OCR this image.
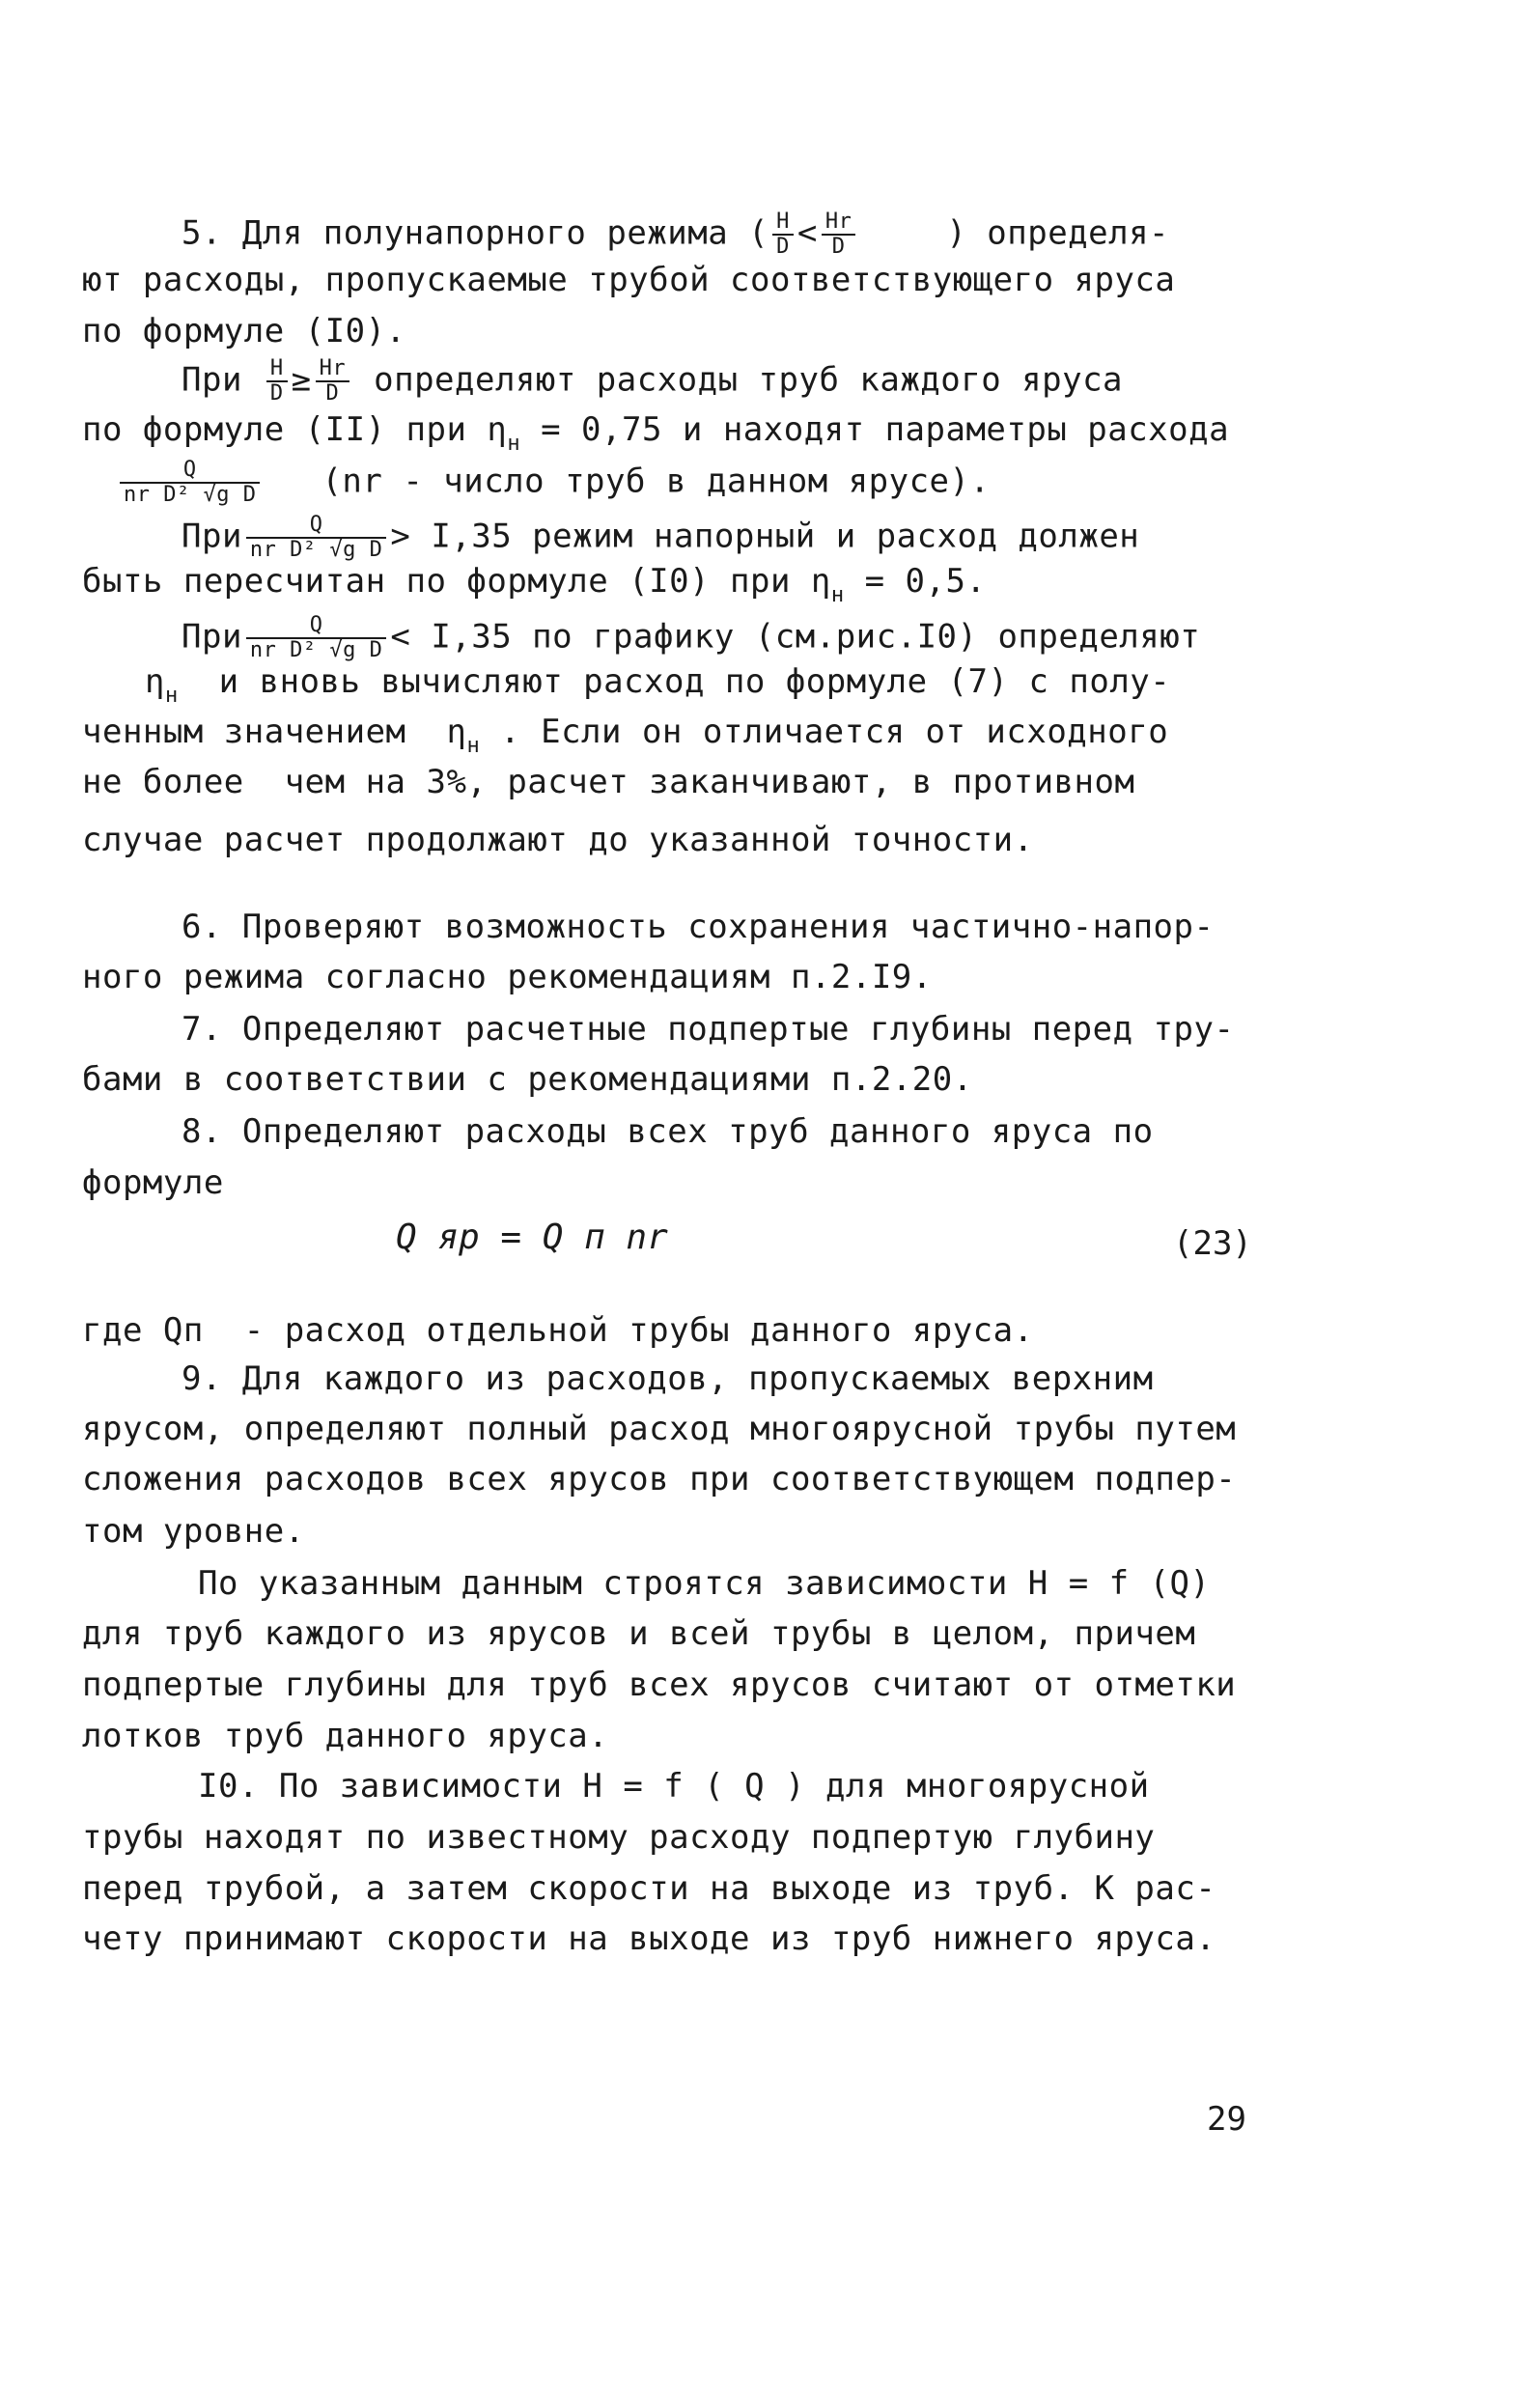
5. Для полунапорного режима ( $\frac{H}{D} < \frac{Hr}{D}$	) определя-
ют расходы, пропускаемые трубой соответствующего яруса
по формуле (I0).
При $\frac{H}{D} \ge \frac{Hr}{D}$ определяют расходы труб каждого яруса
по формуле (II) при $\eta_н = 0,75$ и находят параметры расхода
$\frac{Q}{\text{nr D² √g D}} (nr$ - число труб в данном ярусе).
При $\frac{Q}{\text{nr D² √g D}} > I,35$ режим напорный и расход должен
быть пересчитан по формуле (I0) при $\eta_н = 0,5$.
При $\frac{Q}{\text{nr D² √g D}} < I,35$ по графику (см.рис.I0) определяют
$\eta_н$  и вновь вычисляют расход по формуле (7) с полу-
ченным значением  $\eta_н$ . Если он отличается от исходного
не более  чем на 3%, расчет заканчивают, в противном
случае расчет продолжают до указанной точности.
6. Проверяют возможность сохранения частично-напор-
ного режима согласно рекомендациям п.2.I9.
7. Определяют расчетные подпертые глубины перед тру-
бами в соответствии с рекомендациями п.2.20.
8. Определяют расходы всех труб данного яруса по
формуле
Q яр = Q п nr	(23)
где Qп  - расход отдельной трубы данного яруса.
9. Для каждого из расходов, пропускаемых верхним
ярусом, определяют полный расход многоярусной трубы путем
сложения расходов всех ярусов при соответствующем подпер-
том уровне.
По указанным данным строятся зависимости H = f (Q)
для труб каждого из ярусов и всей трубы в целом, причем
подпертые глубины для труб всех ярусов считают от отметки
лотков труб данного яруса.
I0. По зависимости H = f ( Q ) для многоярусной
трубы находят по известному расходу подпертую глубину
перед трубой, а затем скорости на выходе из труб. К рас-
чету принимают скорости на выходе из труб нижнего яруса.
29
